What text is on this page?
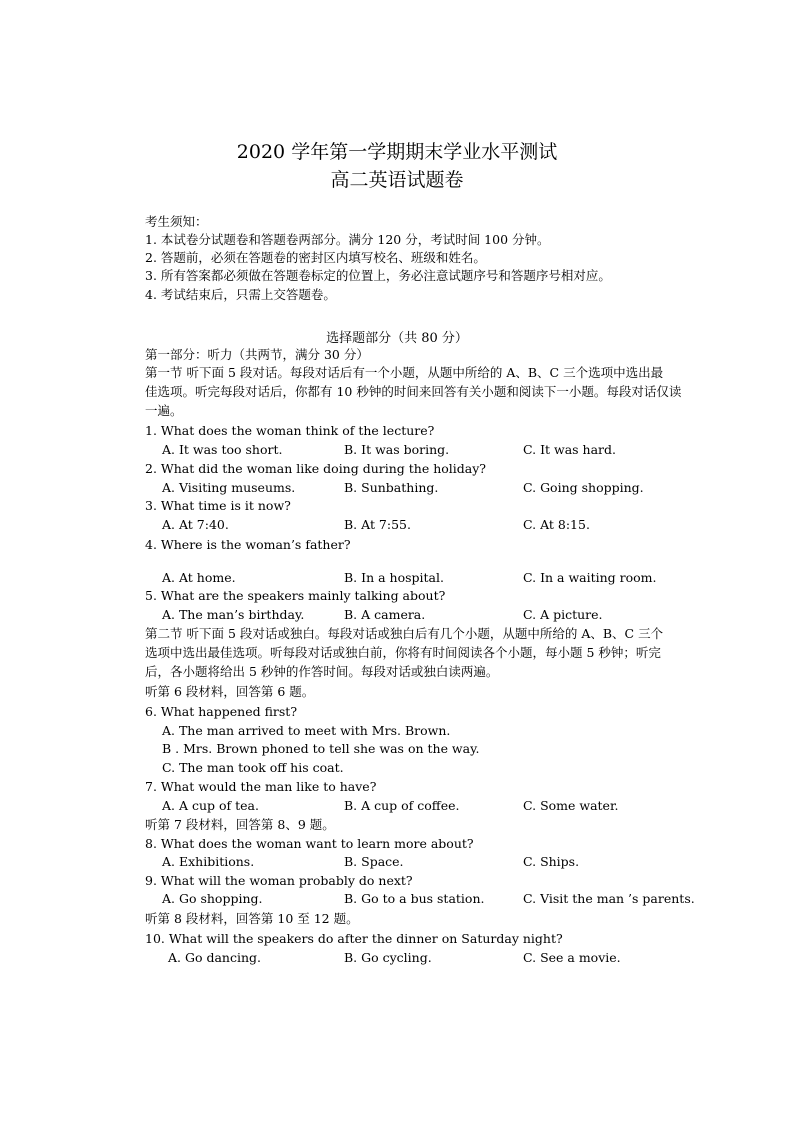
2020 学年第一学期期末学业水平测试
高二英语试题卷
考生须知：
1. 本试卷分试题卷和答题卷两部分。满分 120 分，考试时间 100 分钟。
2. 答题前，必须在答题卷的密封区内填写校名、班级和姓名。
3. 所有答案都必须做在答题卷标定的位置上，务必注意试题序号和答题序号相对应。
4. 考试结束后，只需上交答题卷。
选择题部分（共 80 分）
第一部分：听力（共两节，满分 30 分）
第一节 听下面 5 段对话。每段对话后有一个小题，从题中所给的 A、B、C 三个选项中选出最
佳选项。听完每段对话后，你都有 10 秒钟的时间来回答有关小题和阅读下一小题。每段对话仅读
一遍。
1. What does the woman think of the lecture?
A. It was too short.	B. It was boring.	C. It was hard.
2. What did the woman like doing during the holiday?
A. Visiting museums.	B. Sunbathing.	C. Going shopping.
3. What time is it now?
A. At 7:40.	B. At 7:55.	C. At 8:15.
4. Where is the woman’s father?
A. At home.	B. In a hospital.	C. In a waiting room.
5. What are the speakers mainly talking about?
A. The man’s birthday.	B. A camera.	C. A picture.
第二节 听下面 5 段对话或独白。每段对话或独白后有几个小题，从题中所给的 A、B、C 三个
选项中选出最佳选项。听每段对话或独白前，你将有时间阅读各个小题，每小题 5 秒钟；听完
后，各小题将给出 5 秒钟的作答时间。每段对话或独白读两遍。
听第 6 段材料，回答第 6 题。
6. What happened first?
A. The man arrived to meet with Mrs. Brown.
B . Mrs. Brown phoned to tell she was on the way.
C. The man took off his coat.
7. What would the man like to have?
A. A cup of tea.	B. A cup of coffee.	C. Some water.
听第 7 段材料，回答第 8、9 题。
8. What does the woman want to learn more about?
A. Exhibitions.	B. Space.	C. Ships.
9. What will the woman probably do next?
A. Go shopping.	B. Go to a bus station.	C. Visit the man ’s parents.
听第 8 段材料，回答第 10 至 12 题。
10. What will the speakers do after the dinner on Saturday night?
A. Go dancing.	B. Go cycling.	C. See a movie.
